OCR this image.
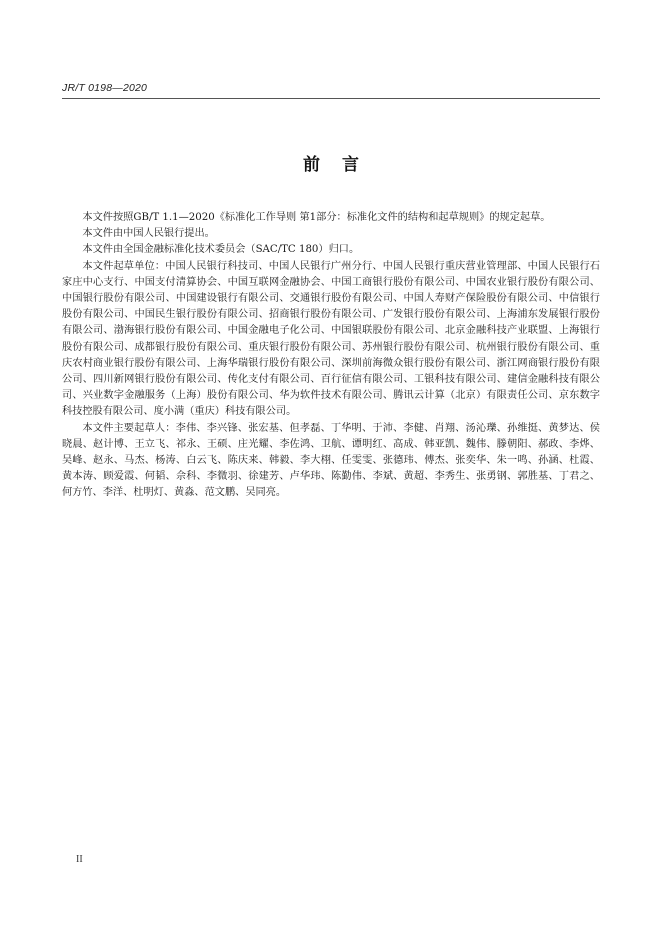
JR/T 0198—2020
前言

本文件按照GB/T 1.1—2020《标准化工作导则 第1部分：标准化文件的结构和起草规则》的规定起草。

本文件由中国人民银行提出。

本文件由全国金融标准化技术委员会（SAC/TC 180）归口。

本文件起草单位：中国人民银行科技司、中国人民银行广州分行、中国人民银行重庆营业管理部、中国人民银行石家庄中心支行、中国支付清算协会、中国互联网金融协会、中国工商银行股份有限公司、中国农业银行股份有限公司、中国银行股份有限公司、中国建设银行有限公司、交通银行股份有限公司、中国人寿财产保险股份有限公司、中信银行股份有限公司、中国民生银行股份有限公司、招商银行股份有限公司、广发银行股份有限公司、上海浦东发展银行股份有限公司、渤海银行股份有限公司、中国金融电子化公司、中国银联股份有限公司、北京金融科技产业联盟、上海银行股份有限公司、成都银行股份有限公司、重庆银行股份有限公司、苏州银行股份有限公司、杭州银行股份有限公司、重庆农村商业银行股份有限公司、上海华瑞银行股份有限公司、深圳前海微众银行股份有限公司、浙江网商银行股份有限公司、四川新网银行股份有限公司、传化支付有限公司、百行征信有限公司、工银科技有限公司、建信金融科技有限公司、兴业数字金融服务（上海）股份有限公司、华为软件技术有限公司、腾讯云计算（北京）有限责任公司、京东数字科技控股有限公司、度小满（重庆）科技有限公司。

本文件主要起草人：李伟、李兴锋、张宏基、但孝磊、丁华明、于沛、李健、肖翔、汤沁瓅、孙维挺、黄梦达、侯晓晨、赵计博、王立飞、祁永、王硕、庄光耀、李佐鸿、卫航、谭明红、高成、韩亚凯、魏伟、滕朝阳、郝政、李烨、吴峰、赵永、马杰、杨涛、白云飞、陈庆来、韩毅、李大栩、任雯雯、张德玮、傅杰、张奕华、朱一鸣、孙涵、杜霞、黄本涛、顾爱霞、何韬、佘科、李微羽、徐建芳、卢华玮、陈勤伟、李斌、黄超、李秀生、张勇钢、郭胜基、丁君之、何方竹、李洋、杜明灯、黄淼、范文鹏、吴同亮。

II
